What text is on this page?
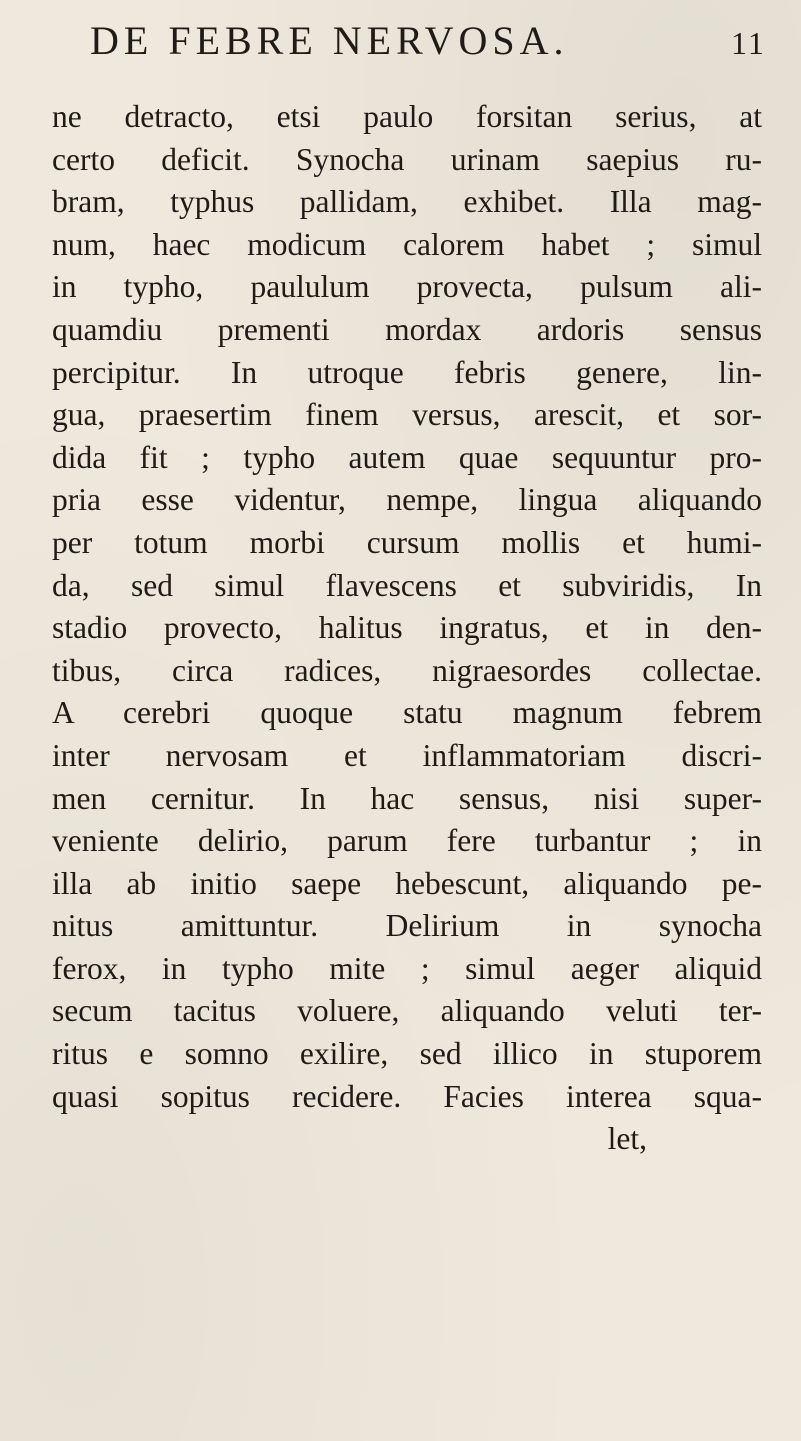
DE FEBRE NERVOSA.	11
ne detracto, etsi paulo forsitan serius, at
certo deficit. Synocha urinam saepius ru-
bram, typhus pallidam, exhibet. Illa mag-
num, haec modicum calorem habet ; simul
in typho, paululum provecta, pulsum ali-
quamdiu prementi mordax ardoris sensus
percipitur. In utroque febris genere, lin-
gua, praesertim finem versus, arescit, et sor-
dida fit ; typho autem quae sequuntur pro-
pria esse videntur, nempe, lingua aliquando
per totum morbi cursum mollis et humi-
da, sed simul flavescens et subviridis, In
stadio provecto, halitus ingratus, et in den-
tibus, circa radices, nigraesordes collectae.
A cerebri quoque statu magnum febrem
inter nervosam et inflammatoriam discri-
men cernitur. In hac sensus, nisi super-
veniente delirio, parum fere turbantur ; in
illa ab initio saepe hebescunt, aliquando pe-
nitus amittuntur. Delirium in synocha
ferox, in typho mite ; simul aeger aliquid
secum tacitus voluere, aliquando veluti ter-
ritus e somno exilire, sed illico in stuporem
quasi sopitus recidere. Facies interea squa-
let,
